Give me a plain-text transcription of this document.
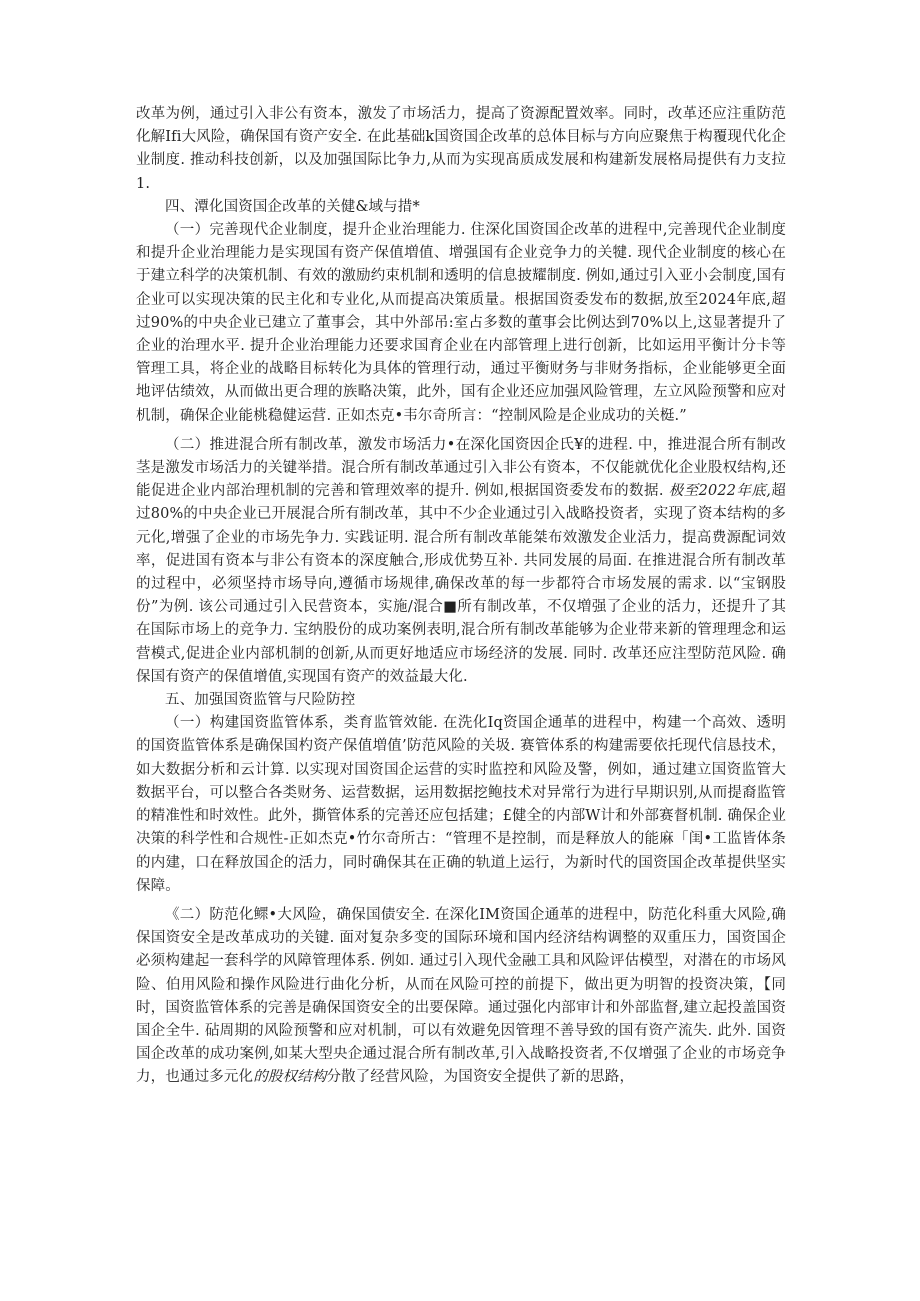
改革为例，通过引入非公有资本，激发了市场活力，提高了资源配置效率。同时，改革还应注重防范化解Ifi大风险，确保国有资产安全. 在此基础k国资国企改革的总体目标与方向应聚焦于构覆现代化企业制度. 推动科技创新，以及加强国际比争力,从而为实现髙质成发展和构建新发展格局提供有力支拉1.

四、潭化国资国企改革的关健&域与措*

（一）完善现代企业制度，提升企业治理能力. 住深化国资国企改革的进程中,完善现代企业制度和提升企业治理能力是实现国有资产保值増值、增强国有企业竞争力的关犍. 现代企业制度的核心在于建立科学的决策机制、有效的激励约束机制和透明的信息披耀制度. 例如,通过引入亚小会制度,国有企业可以实现决策的民主化和专业化,从而提高决策质量。根据国资委发布的数据,放至2024年底,超过90%的中央企业已建立了董事会，其中外部吊:室占多数的董事会比例达到70%以上,这显著提升了企业的治理水平. 提升企业治理能力还要求国育企业在内部管理上进行创新，比如运用平衡计分卡等管理工具，将企业的战略目标转化为具体的管理行动，通过平衡财务与非财务指标，企业能够更全面地评估绩效，从而做出更合理的族略决策，此外，国有企业还应加强风险管理，左立风险预警和应对机制，确保企业能桃稳健运营. 正如杰克•韦尔奇所言：“控制风险是企业成功的关梃.”

（二）推进混合所有制改革，激发市场活力•在深化国资因企氏¥的进程. 中，推进混合所有制改茎是激发市场活力的关键举措。混合所有制改革通过引入非公有资本，不仅能就优化企业股权结构,还能促进企业内部治理机制的完善和管理效率的提升. 例如,根据国资委发布的数据. 极至2022年底,超过80%的中央企业已开展混合所有制改革，其中不少企业通过引入战略投资者，实现了资本结构的多元化,增强了企业的市场先争力. 实践证明. 混合所有制改革能桀布效激发企业活力，提高费源配词效率，促进国有资本与非公有资本的深度触合,形成优势互补. 共同发展的局面. 在推进混合所有制改革的过程中，必须坚持市场导向,遵循市场规律,确保改革的每一步都符合市场发展的需求. 以“宝钢股份”为例. 该公司通过引入民营资本，实施/混合■所有制改革，不仅増强了企业的活力，还提升了其在国际市场上的竞争力. 宝纳股份的成功案例表明,混合所有制改革能够为企业带来新的管理理念和运营模式,促进企业内部机制的创新,从而更好地适应市场经济的发展. 同时. 改革还应注型防范风险. 确保国有资产的保值增值,实现国有资产的效益最大化.

五、加强国资监管与尺险防控

（一）构建国资监管体系，类育监管效能. 在洗化Iq资国企通革的进程中，构建一个高效、透明的国资监管体系是确保国杓资产保值増值’防范风险的关圾. 赛管体系的构建需要依托现代信恳技术，如大数据分析和云计算. 以实现对国资国企运营的实时监控和风险及警，例如，通过建立国资监管大数据平台，可以整合各类财务、运营数据，运用数据挖鲍技术对异常行为进行早期识别,从而提裔监管的精准性和时效性。此外，撕管体系的完善还应包括建；£健全的内部W计和外部赛督机制. 确保企业决策的科学性和合规性-正如杰克•竹尔奇所古：“管理不是控制，而是释放人的能麻「闺•工监皆体条的内建，口在释放国企的活力，同时确保其在正确的轨道上运行，为新时代的国资国企改革提供坚实保障。

《二）防范化鳏•大风险，确保国债安全. 在深化IM资国企通革的进程中，防范化科重大风险,确保国资安全是改革成功的关键. 面对复杂多变的国际环境和国内经济结构调整的双重压力，国资国企必须构建起一套科学的风障管理体系. 例如. 通过引入现代金融工具和风险评估模型，对潜在的市场风险、伯用风险和操作风险进行曲化分析，从而在风险可控的前提下，做出更为明智的投资决策，【同时，国资监管体系的完善是确保国资安全的岀要保障。通过强化内部审计和外部监督,建立起投盖国资国企全牛. 砧周期的风险预警和应对机制，可以有效避免因管理不善导致的国有资产流失. 此外. 国资国企改革的成功案例,如某大型央企通过混合所有制改革,引入战略投资者,不仅增强了企业的市场竞争力，也通过多元化的股权结构分散了经营风险，为国资安全提供了新的思路，
